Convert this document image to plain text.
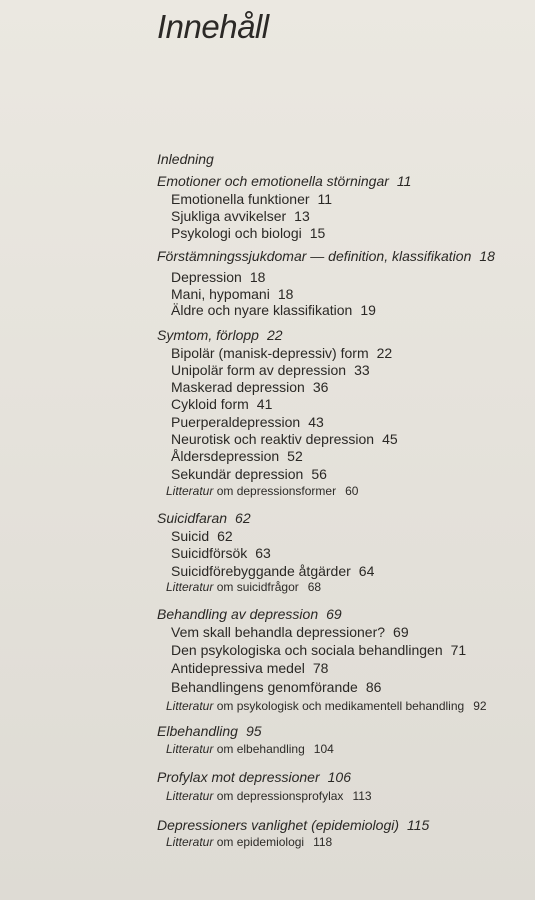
Innehåll
Inledning
Emotioner och emotionella störningar 11
Emotionella funktioner 11
Sjukliga avvikelser 13
Psykologi och biologi 15
Förstämningssjukdomar — definition, klassifikation 18
Depression 18
Mani, hypomani 18
Äldre och nyare klassifikation 19
Symtom, förlopp 22
Bipolär (manisk-depressiv) form 22
Unipolär form av depression 33
Maskerad depression 36
Cykloid form 41
Puerperaldepression 43
Neurotisk och reaktiv depression 45
Åldersdepression 52
Sekundär depression 56
Litteratur om depressionsformer 60
Suicidfaran 62
Suicid 62
Suicidförsök 63
Suicidförebyggande åtgärder 64
Litteratur om suicidfrågor 68
Behandling av depression 69
Vem skall behandla depressioner? 69
Den psykologiska och sociala behandlingen 71
Antidepressiva medel 78
Behandlingens genomförande 86
Litteratur om psykologisk och medikamentell behandling 92
Elbehandling 95
Litteratur om elbehandling 104
Profylax mot depressioner 106
Litteratur om depressionsprofylax 113
Depressioners vanlighet (epidemiologi) 115
Litteratur om epidemiologi 118
